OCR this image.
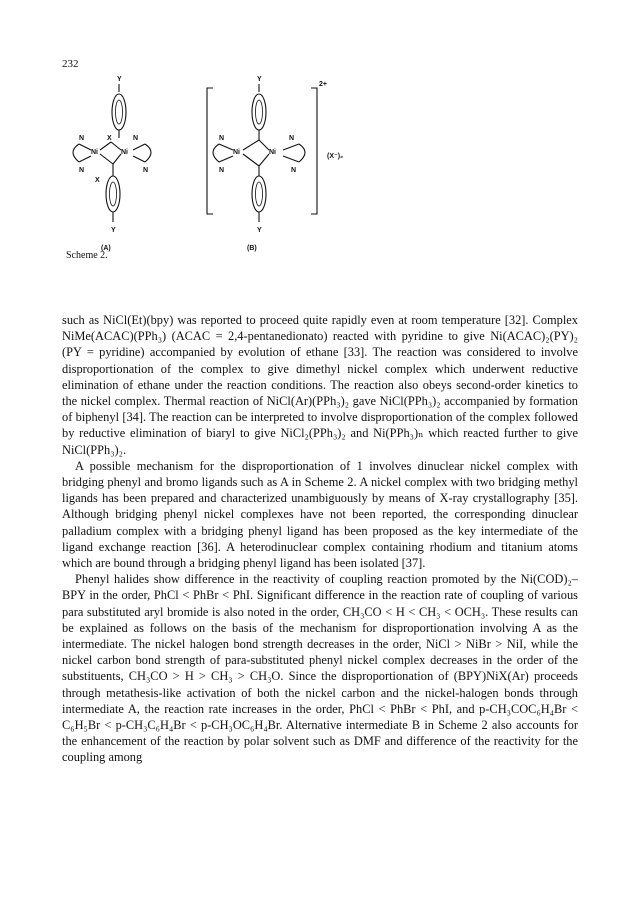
232
Y
N	X	N
Ni	Ni
N	N
X
Y
(A)
2+
(X⁻)₂
Y
N	N
Ni	Ni
N	N
Y
(B)
Scheme 2.

such as NiCl(Et)(bpy) was reported to proceed quite rapidly even at room temperature [32]. Complex NiMe(ACAC)(PPh₃) (ACAC = 2,4-pentanedionato) reacted with pyridine to give Ni(ACAC)₂(PY)₂ (PY = pyridine) accompanied by evolution of ethane [33]. The reaction was considered to involve disproportionation of the complex to give dimethyl nickel complex which underwent reductive elimination of ethane under the reaction conditions. The reaction also obeys second-order kinetics to the nickel complex. Thermal reaction of NiCl(Ar)(PPh₃)₂ gave NiCl(PPh₃)₂ accompanied by formation of biphenyl [34]. The reaction can be interpreted to involve disproportionation of the complex followed by reductive elimination of biaryl to give NiCl₂(PPh₃)₂ and Ni(PPh₃)ₙ which reacted further to give NiCl(PPh₃)₂.

A possible mechanism for the disproportionation of 1 involves dinuclear nickel complex with bridging phenyl and bromo ligands such as A in Scheme 2. A nickel complex with two bridging methyl ligands has been prepared and characterized unambiguously by means of X-ray crystallography [35]. Although bridging phenyl nickel complexes have not been reported, the corresponding dinuclear palladium complex with a bridging phenyl ligand has been proposed as the key intermediate of the ligand exchange reaction [36]. A heterodinuclear complex containing rhodium and titanium atoms which are bound through a bridging phenyl ligand has been isolated [37].

Phenyl halides show difference in the reactivity of coupling reaction promoted by the Ni(COD)₂–BPY in the order, PhCl < PhBr < PhI. Significant difference in the reaction rate of coupling of various para substituted aryl bromide is also noted in the order, CH₃CO < H < CH₃ < OCH₃. These results can be explained as follows on the basis of the mechanism for disproportionation involving A as the intermediate. The nickel halogen bond strength decreases in the order, NiCl > NiBr > NiI, while the nickel carbon bond strength of para-substituted phenyl nickel complex decreases in the order of the substituents, CH₃CO > H > CH₃ > CH₃O. Since the disproportionation of (BPY)NiX(Ar) proceeds through metathesis-like activation of both the nickel carbon and the nickel-halogen bonds through intermediate A, the reaction rate increases in the order, PhCl < PhBr < PhI, and p-CH₃COC₆H₄Br < C₆H₅Br < p-CH₃C₆H₄Br < p-CH₃OC₆H₄Br. Alternative intermediate B in Scheme 2 also accounts for the enhancement of the reaction by polar solvent such as DMF and difference of the reactivity for the coupling among
